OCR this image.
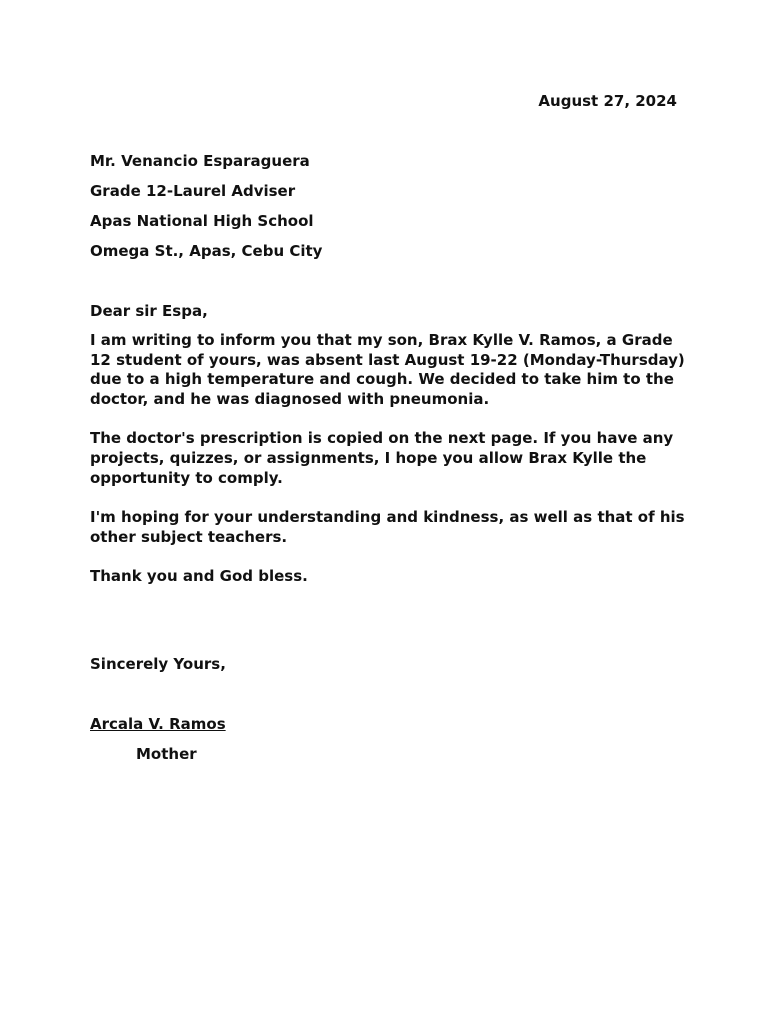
August 27, 2024
Mr. Venancio Esparaguera
Grade 12-Laurel Adviser
Apas National High School
Omega St., Apas, Cebu City

Dear sir Espa,

I am writing to inform you that my son, Brax Kylle V. Ramos, a Grade 12 student of yours, was absent last August 19-22 (Monday-Thursday) due to a high temperature and cough. We decided to take him to the doctor, and he was diagnosed with pneumonia.

The doctor's prescription is copied on the next page. If you have any projects, quizzes, or assignments, I hope you allow Brax Kylle the opportunity to comply.

I'm hoping for your understanding and kindness, as well as that of his other subject teachers.

Thank you and God bless.

Sincerely Yours,
Arcala V. Ramos
Mother
